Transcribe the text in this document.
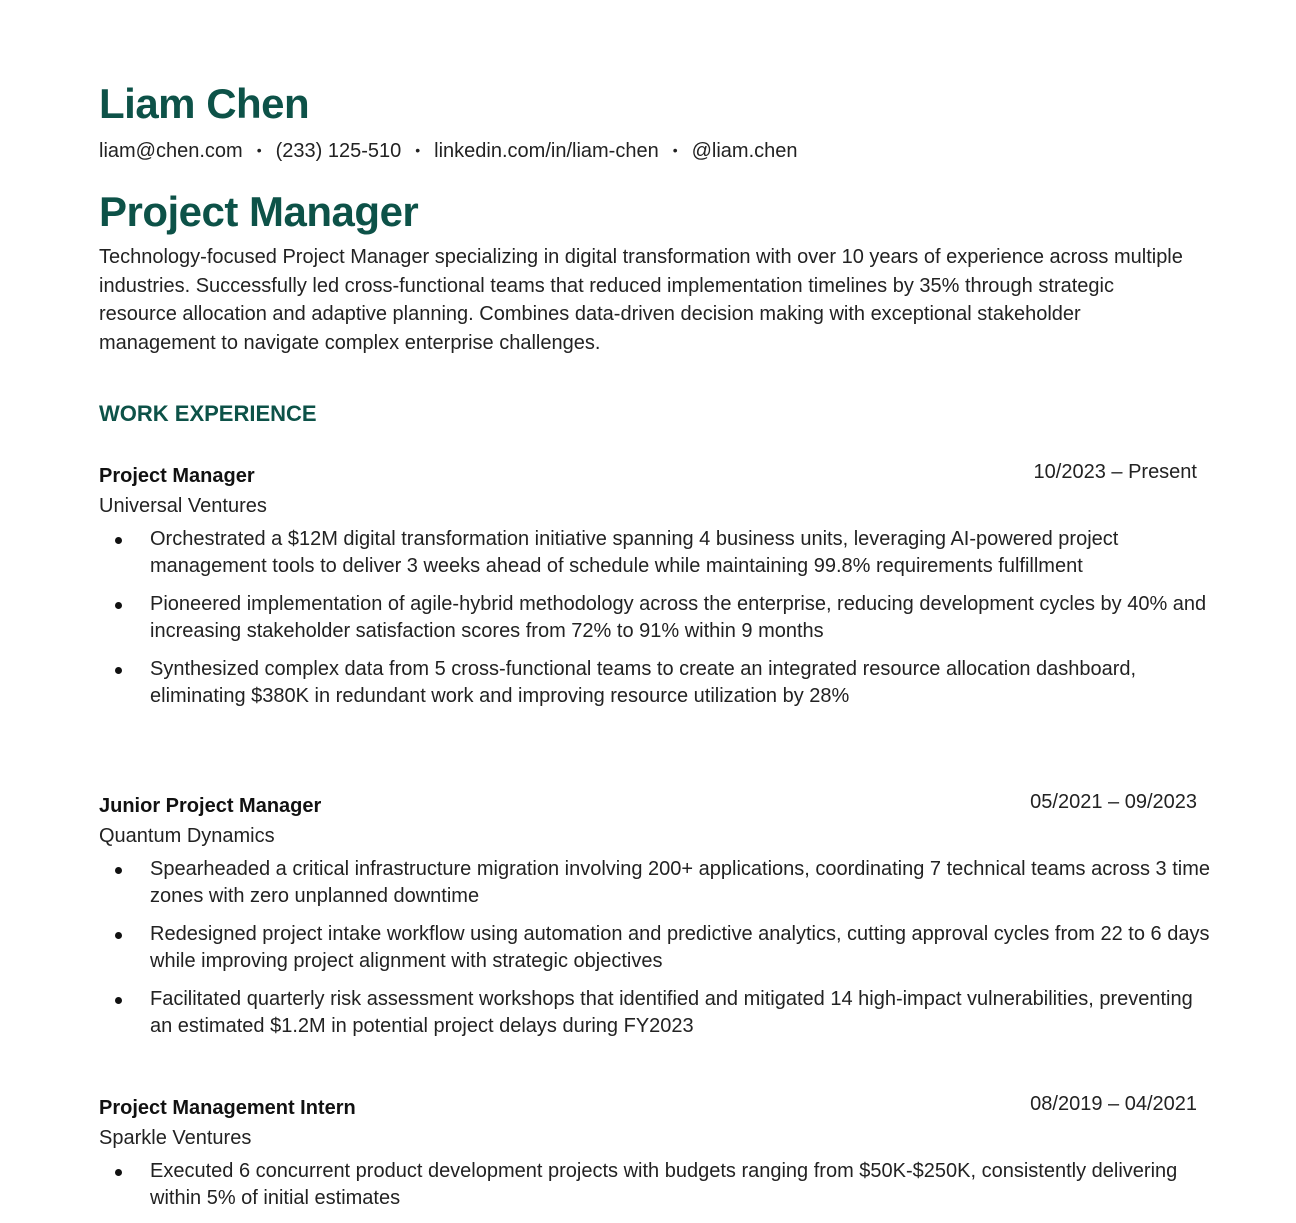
Liam Chen
liam@chen.com • (233) 125-510 • linkedin.com/in/liam-chen • @liam.chen
Project Manager

Technology-focused Project Manager specializing in digital transformation with over 10 years of experience across multiple industries. Successfully led cross-functional teams that reduced implementation timelines by 35% through strategic resource allocation and adaptive planning. Combines data-driven decision making with exceptional stakeholder management to navigate complex enterprise challenges.

WORK EXPERIENCE
Project Manager	10/2023 – Present
Universal Ventures
Orchestrated a $12M digital transformation initiative spanning 4 business units, leveraging AI-powered project management tools to deliver 3 weeks ahead of schedule while maintaining 99.8% requirements fulfillment
Pioneered implementation of agile-hybrid methodology across the enterprise, reducing development cycles by 40% and increasing stakeholder satisfaction scores from 72% to 91% within 9 months
Synthesized complex data from 5 cross-functional teams to create an integrated resource allocation dashboard, eliminating $380K in redundant work and improving resource utilization by 28%
Junior Project Manager	05/2021 – 09/2023
Quantum Dynamics
Spearheaded a critical infrastructure migration involving 200+ applications, coordinating 7 technical teams across 3 time zones with zero unplanned downtime
Redesigned project intake workflow using automation and predictive analytics, cutting approval cycles from 22 to 6 days while improving project alignment with strategic objectives
Facilitated quarterly risk assessment workshops that identified and mitigated 14 high-impact vulnerabilities, preventing an estimated $1.2M in potential project delays during FY2023
Project Management Intern	08/2019 – 04/2021
Sparkle Ventures
Executed 6 concurrent product development projects with budgets ranging from $50K-$250K, consistently delivering within 5% of initial estimates
